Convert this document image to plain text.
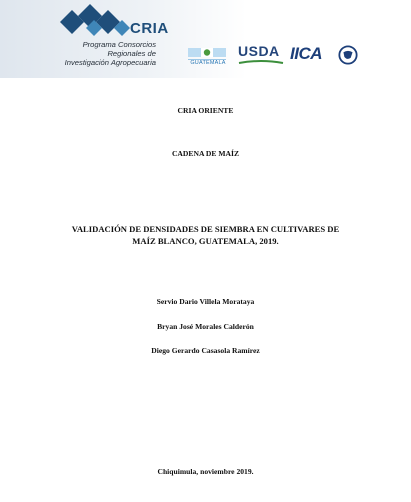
CRIA
Programa Consorcios
Regionales de
Investigación Agropecuaria	GUATEMALA
USDA IICA
CRIA ORIENTE
CADENA DE MAÍZ
VALIDACIÓN DE DENSIDADES DE SIEMBRA EN CULTIVARES DE
MAÍZ BLANCO, GUATEMALA, 2019.
Servio Dario Villela Morataya
Bryan José Morales Calderón
Diego Gerardo Casasola Ramírez
Chiquimula, noviembre 2019.
